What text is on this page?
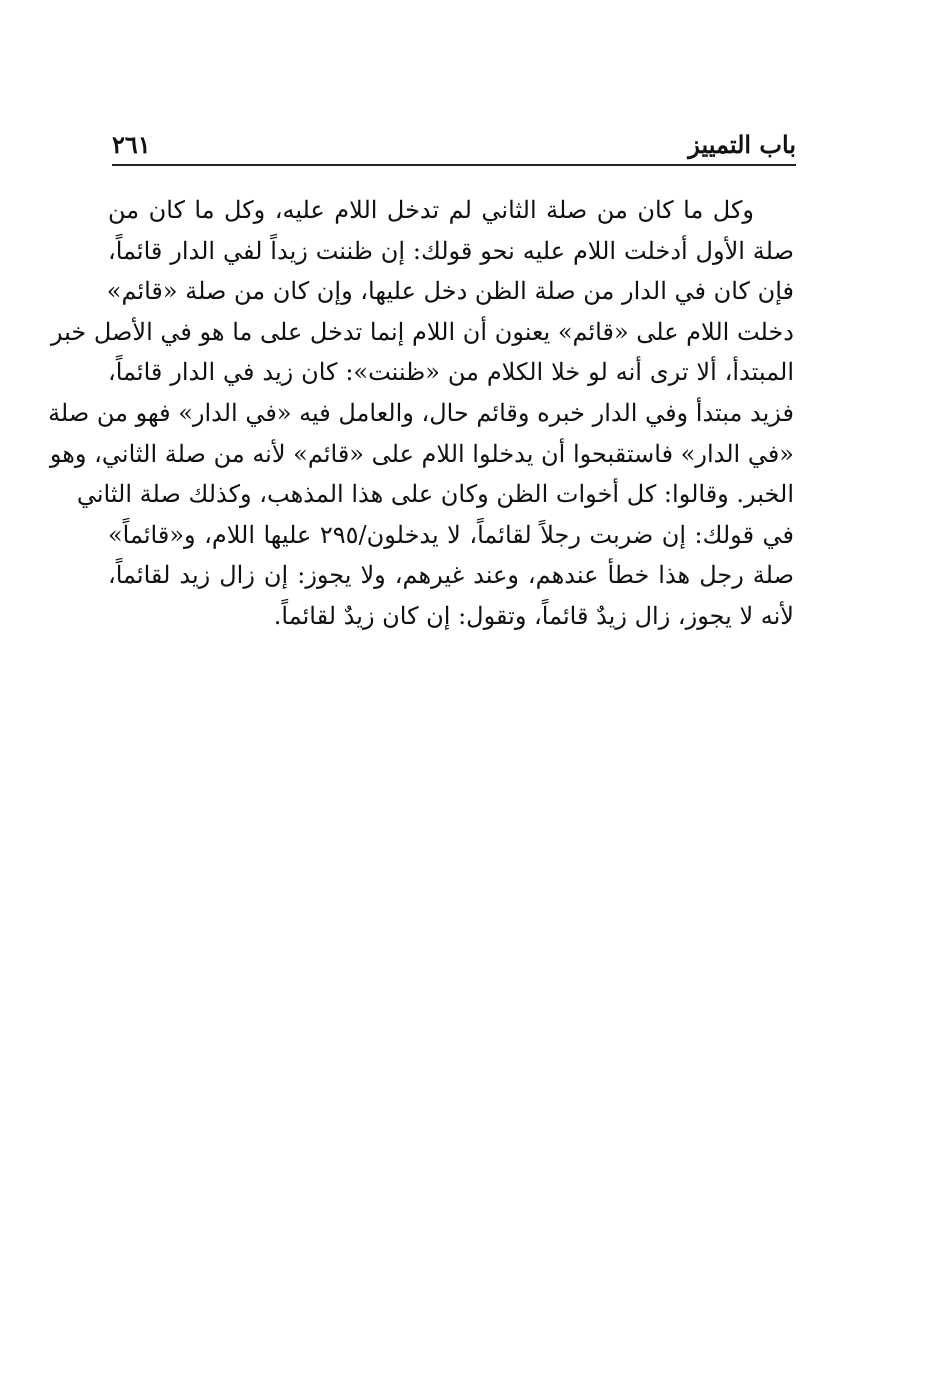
باب التمييز
٢٦١
وكل ما كان من صلة الثاني لم تدخل اللام عليه، وكل ما كان من
صلة الأول أدخلت اللام عليه نحو قولك: إن ظننت زيداً لفي الدار قائماً،
فإن كان في الدار من صلة الظن دخل عليها، وإن كان من صلة «قائم»
دخلت اللام على «قائم» يعنون أن اللام إنما تدخل على ما هو في الأصل خبر
المبتدأ، ألا ترى أنه لو خلا الكلام من «ظننت»: كان زيد في الدار قائماً،
فزيد مبتدأ وفي الدار خبره وقائم حال، والعامل فيه «في الدار» فهو من صلة
«في الدار» فاستقبحوا أن يدخلوا اللام على «قائم» لأنه من صلة الثاني، وهو
الخبر. وقالوا: كل أخوات الظن وكان على هذا المذهب، وكذلك صلة الثاني
في قولك: إن ضربت رجلاً لقائماً، لا يدخلون/٢٩٥ عليها اللام، و«قائماً»
صلة رجل هذا خطأ عندهم، وعند غيرهم، ولا يجوز: إن زال زيد لقائماً،
لأنه لا يجوز، زال زيدٌ قائماً، وتقول: إن كان زيدٌ لقائماً.
